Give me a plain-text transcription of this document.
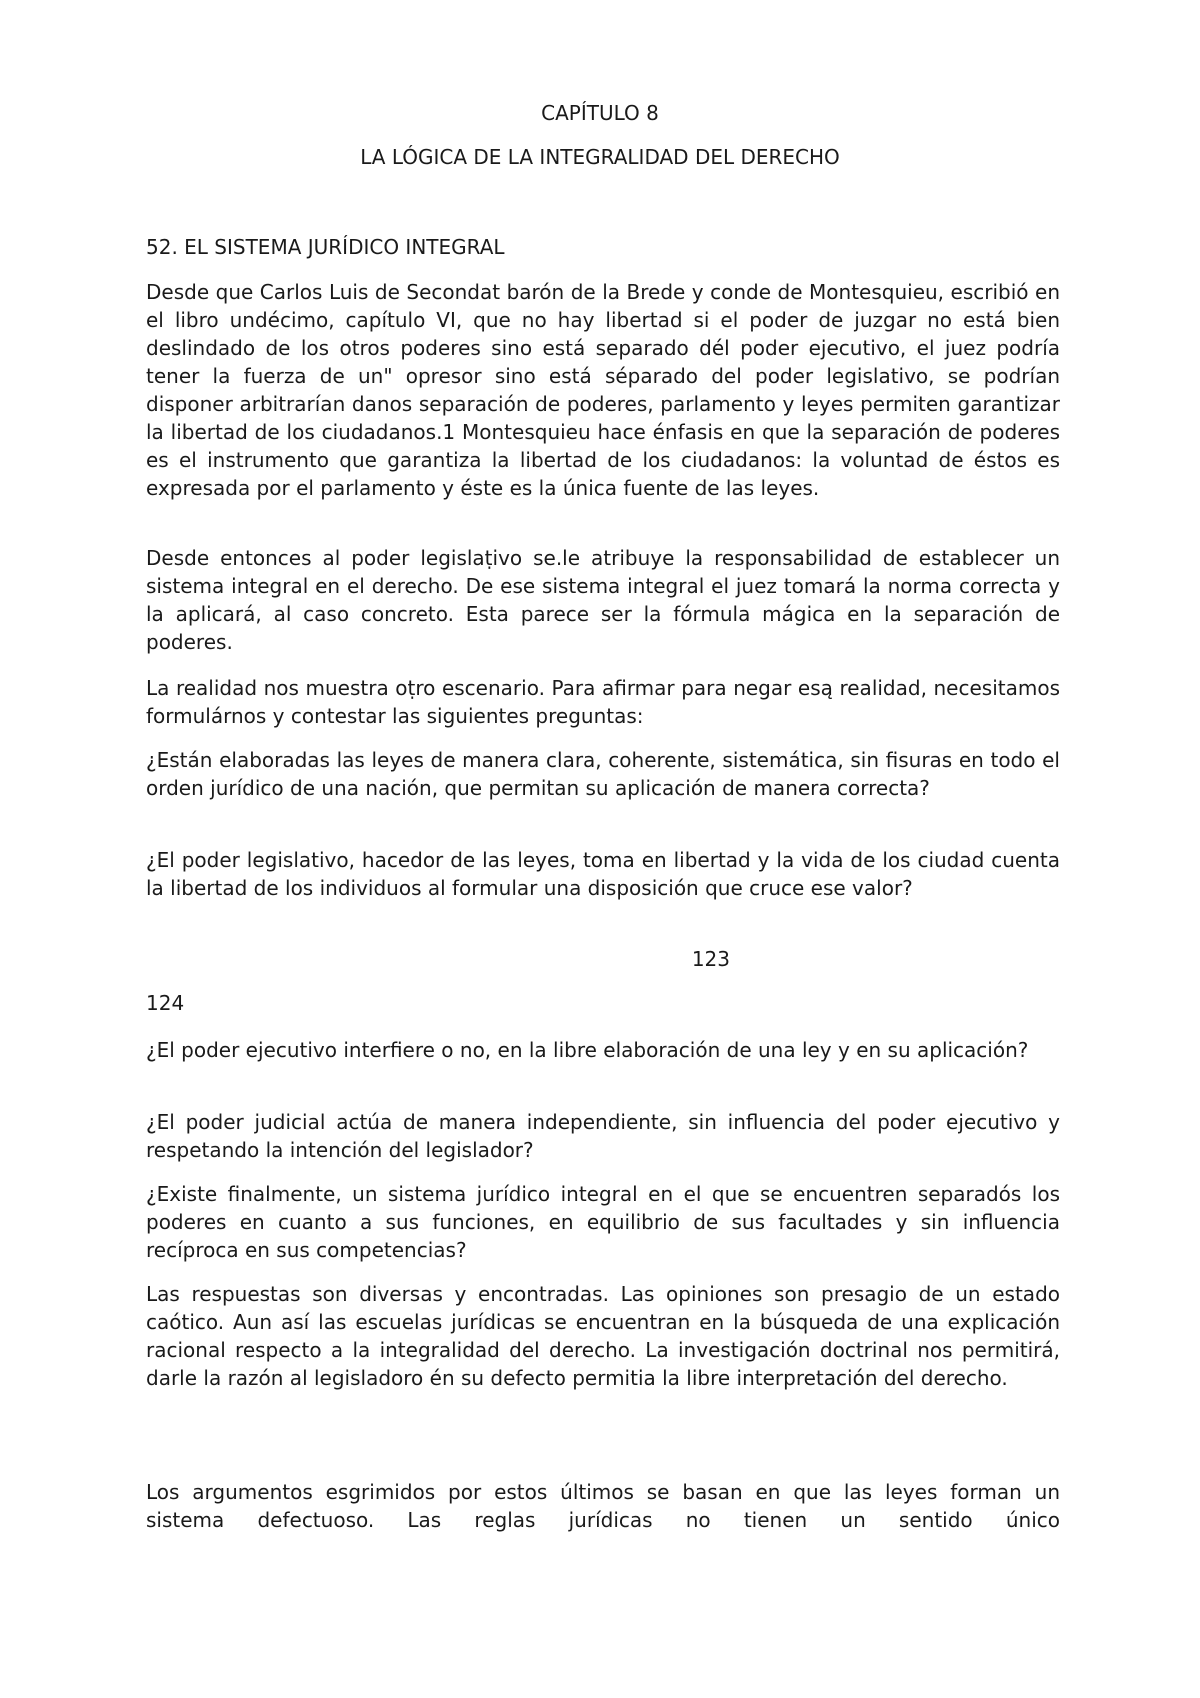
CAPÍTULO 8
LA LÓGICA DE LA INTEGRALIDAD DEL DERECHO
52. EL SISTEMA JURÍDICO INTEGRAL

Desde que Carlos Luis de Secondat barón de la Brede y conde de Montesquieu, escribió en el libro undécimo, capítulo VI, que no hay libertad si el poder de juzgar no está bien deslindado de los otros poderes sino está separado dél poder ejecutivo, el juez podría tener la fuerza de un" opresor sino está séparado del poder legislativo, se podrían disponer arbitrarían danos separación de poderes, parlamento y leyes permiten garantizar la libertad de los ciudadanos.1 Montesquieu hace énfasis en que la separación de poderes es el instrumento que garantiza la libertad de los ciudadanos: la voluntad de éstos es expresada por el parlamento y éste es la única fuente de las leyes.

Desde entonces al poder legislaṭivo se.le atribuye la responsabilidad de establecer un sistema integral en el derecho. De ese sistema integral el juez tomará la norma correcta y la aplicará, al caso concreto. Esta parece ser la fórmula mágica en la separación de poderes.

La realidad nos muestra oṭro escenario. Para afirmar para negar esą realidad, necesitamos formulárnos y contestar las siguientes preguntas:

¿Están elaboradas las leyes de manera clara, coherente, sistemática, sin fisuras en todo el orden jurídico de una nación, que permitan su aplicación de manera correcta?

¿El poder legislativo, hacedor de las leyes, toma en libertad y la vida de los ciudad cuenta la libertad de los individuos al formular una disposición que cruce ese valor?

123
124

¿El poder ejecutivo interfiere o no, en la libre elaboración de una ley y en su aplicación?

¿El poder judicial actúa de manera independiente, sin influencia del poder ejecutivo y respetando la intención del legislador?

¿Existe finalmente, un sistema jurídico integral en el que se encuentren separadós los poderes en cuanto a sus funciones, en equilibrio de sus facultades y sin influencia recíproca en sus competencias?

Las respuestas son diversas y encontradas. Las opiniones son presagio de un estado caótico. Aun así las escuelas jurídicas se encuentran en la búsqueda de una explicación racional respecto a la integralidad del derecho. La investigación doctrinal nos permitirá, darle la razón al legisladoro én su defecto permitia la libre interpretación del derecho.

Los argumentos esgrimidos por estos últimos se basan en que las leyes forman un sistema defectuoso. Las reglas jurídicas no tienen un sentido único
